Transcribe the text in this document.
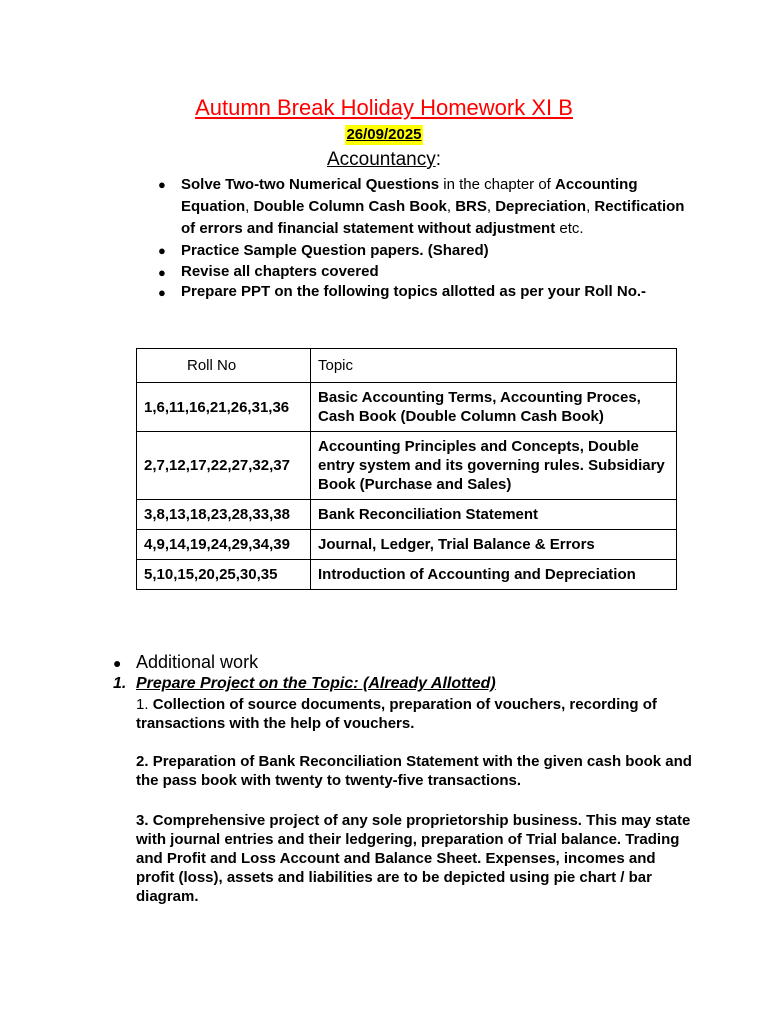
Autumn Break Holiday Homework XI B
26/09/2025
Accountancy:
● Solve Two-two Numerical Questions in the chapter of Accounting Equation, Double Column Cash Book, BRS, Depreciation, Rectification of errors and financial statement without adjustment etc.
● Practice Sample Question papers. (Shared)
● Revise all chapters covered
● Prepare PPT on the following topics allotted as per your Roll No.-
Roll No	Topic
1,6,11,16,21,26,31,36	Basic Accounting Terms, Accounting Proces, Cash Book (Double Column Cash Book)
2,7,12,17,22,27,32,37	Accounting Principles and Concepts, Double entry system and its governing rules. Subsidiary Book (Purchase and Sales)
3,8,13,18,23,28,33,38	Bank Reconciliation Statement
4,9,14,19,24,29,34,39	Journal, Ledger, Trial Balance & Errors
5,10,15,20,25,30,35	Introduction of Accounting and Depreciation
● Additional work
1. Prepare Project on the Topic: (Already Allotted)
1. Collection of source documents, preparation of vouchers, recording of transactions with the help of vouchers.
2. Preparation of Bank Reconciliation Statement with the given cash book and the pass book with twenty to twenty-five transactions.
3. Comprehensive project of any sole proprietorship business. This may state with journal entries and their ledgering, preparation of Trial balance. Trading and Profit and Loss Account and Balance Sheet. Expenses, incomes and profit (loss), assets and liabilities are to be depicted using pie chart / bar diagram.
